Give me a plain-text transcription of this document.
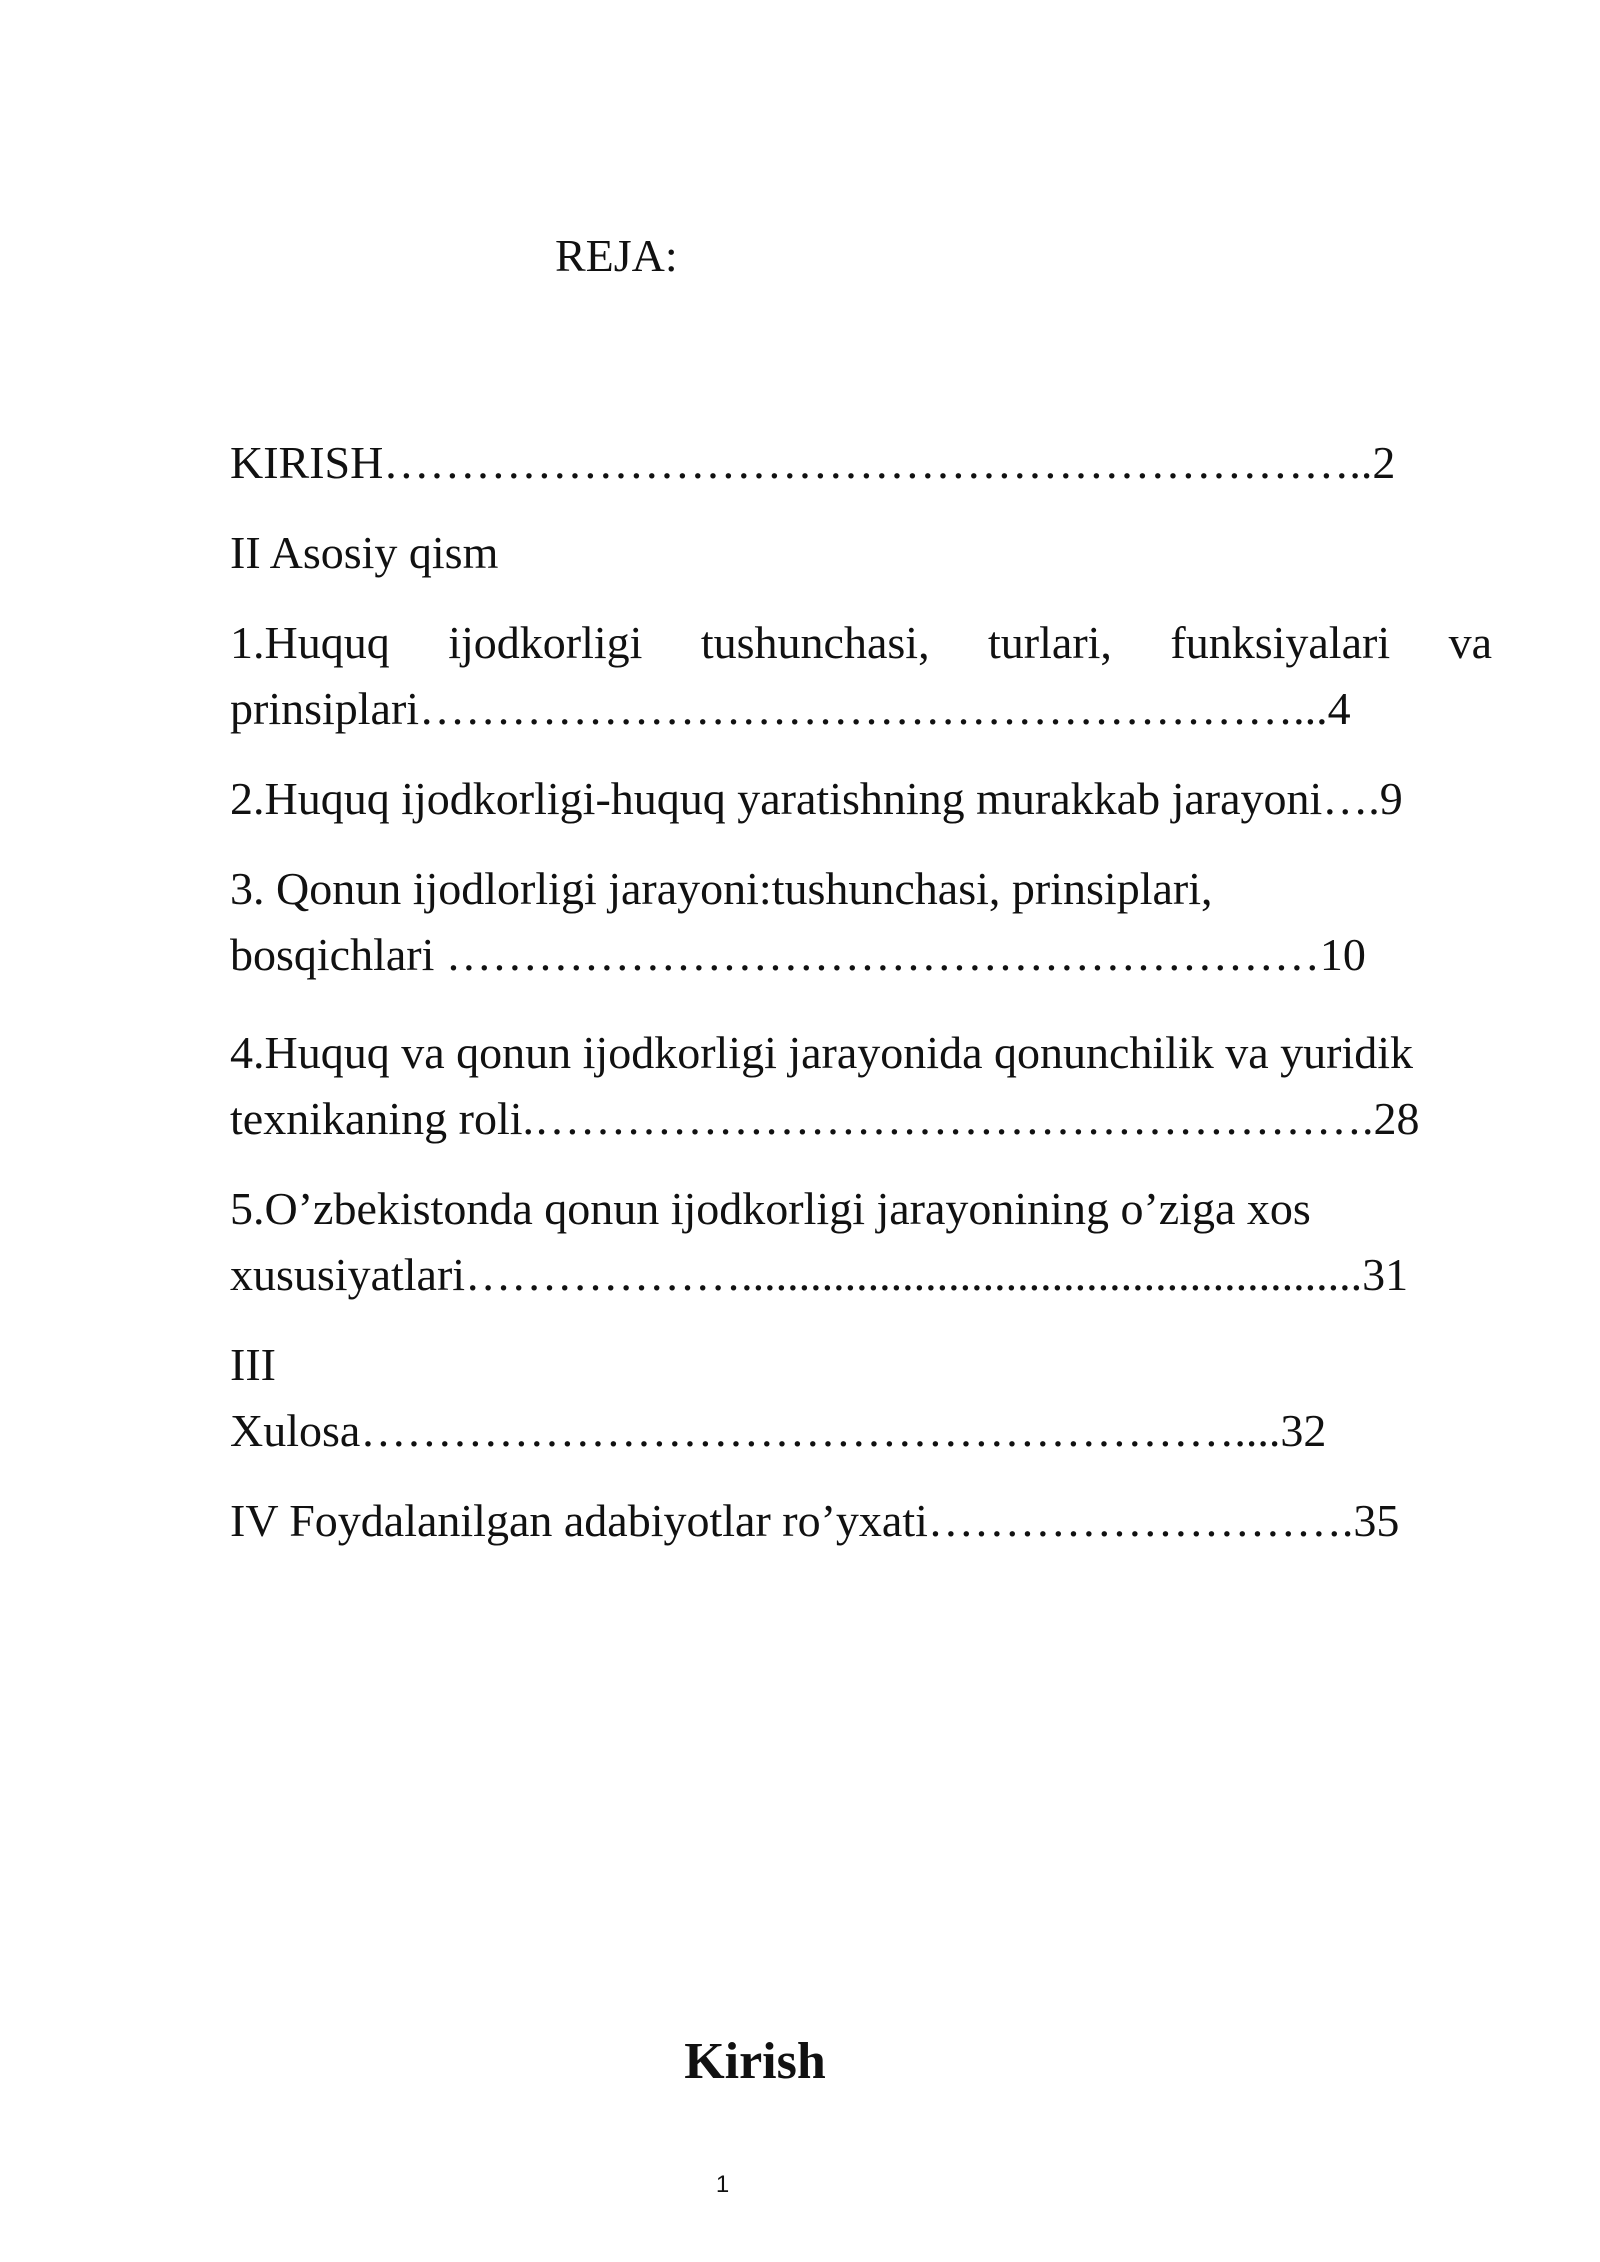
REJA:
KIRISH………………………………………………………..2
II Asosiy qism
1.Huquq ijodkorligi tushunchasi, turlari, funksiyalari va
prinsiplari…………………………………………………...4
2.Huquq ijodkorligi-huquq yaratishning murakkab jarayoni….9
3. Qonun ijodlorligi jarayoni:tushunchasi, prinsiplari,
bosqichlari …………………………………………………10
4.Huquq va qonun ijodkorligi jarayonida qonunchilik va yuridik
texnikaning roli.……………………………………………….28
5.O’zbekistonda qonun ijodkorligi jarayonining o’ziga xos
xususiyatlari………………......................................................31
III
Xulosa…………………………………………………....32
IV Foydalanilgan adabiyotlar ro’yxati……………………….35
Kirish
1
